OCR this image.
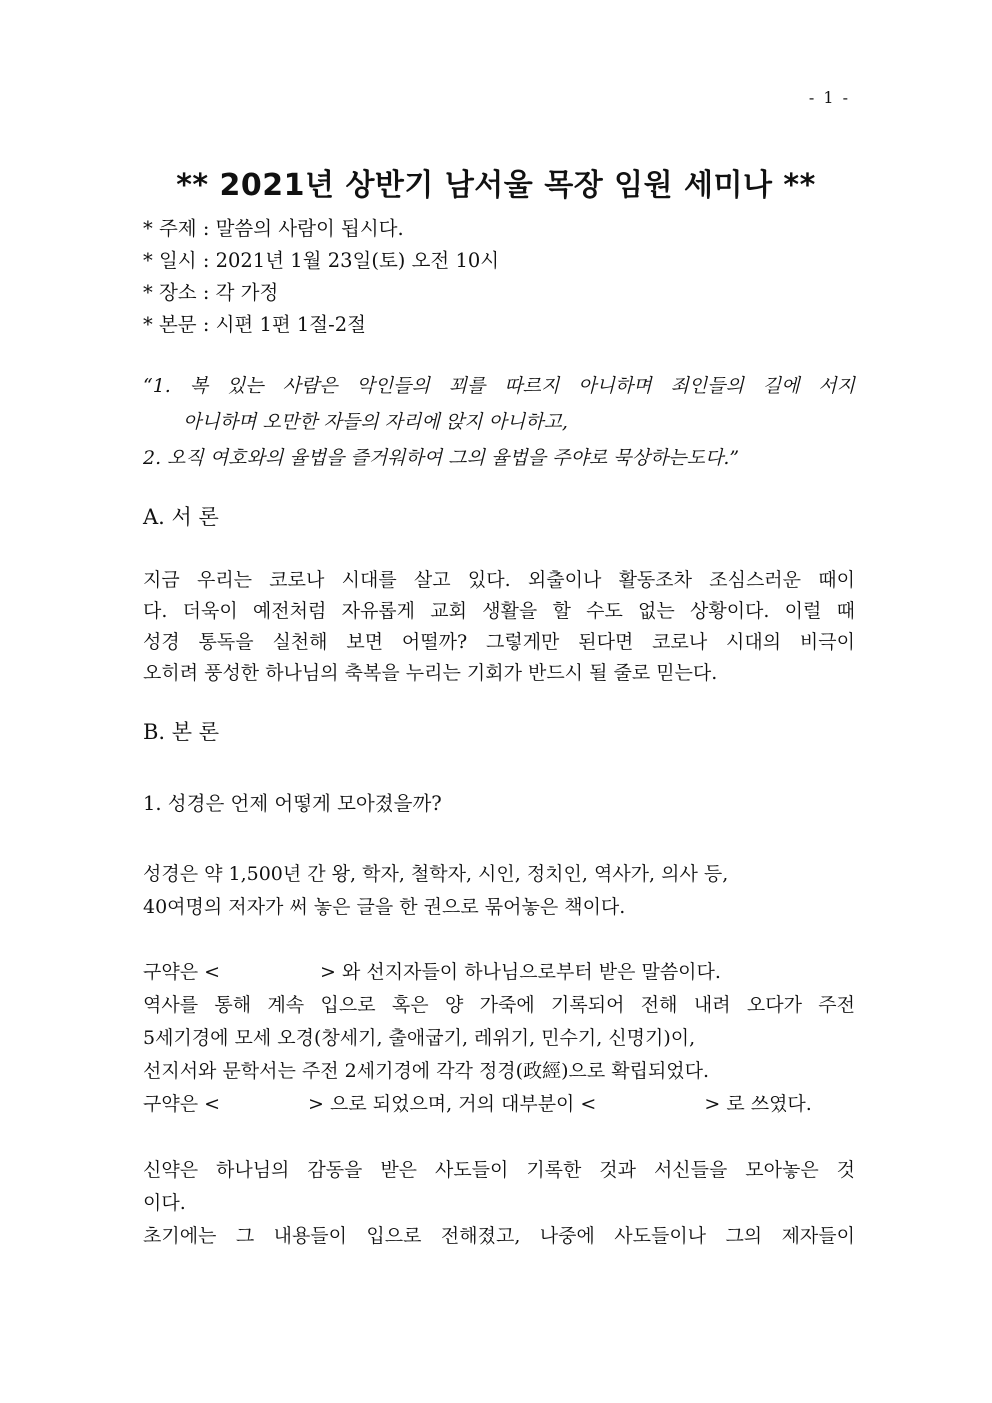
- 1 -
** 2021년 상반기 남서울 목장 임원 세미나 **
* 주제 : 말씀의 사람이 됩시다.
* 일시 : 2021년 1월 23일(토) 오전 10시
* 장소 : 각 가정
* 본문 : 시편 1편 1절-2절
“1. 복 있는 사람은 악인들의 꾀를 따르지 아니하며 죄인들의 길에 서지
아니하며 오만한 자들의 자리에 앉지 아니하고,
2. 오직 여호와의 율법을 즐거워하여 그의 율법을 주야로 묵상하는도다.”
A. 서 론
지금 우리는 코로나 시대를 살고 있다. 외출이나 활동조차 조심스러운 때이
다. 더욱이 예전처럼 자유롭게 교회 생활을 할 수도 없는 상황이다. 이럴 때
성경 통독을 실천해 보면 어떨까? 그렇게만 된다면 코로나 시대의 비극이
오히려 풍성한 하나님의 축복을 누리는 기회가 반드시 될 줄로 믿는다.
B. 본 론
1. 성경은 언제 어떻게 모아졌을까?
성경은 약 1,500년 간 왕, 학자, 철학자, 시인, 정치인, 역사가, 의사 등,
40여명의 저자가 써 놓은 글을 한 권으로 묶어놓은 책이다.
구약은 <	> 와 선지자들이 하나님으로부터 받은 말씀이다.
역사를 통해 계속 입으로 혹은 양 가죽에 기록되어 전해 내려 오다가 주전
5세기경에 모세 오경(창세기, 출애굽기, 레위기, 민수기, 신명기)이,
선지서와 문학서는 주전 2세기경에 각각 정경(政經)으로 확립되었다.
구약은 <	> 으로 되었으며, 거의 대부분이 <	> 로 쓰였다.
신약은 하나님의 감동을 받은 사도들이 기록한 것과 서신들을 모아놓은 것
이다.
초기에는 그 내용들이 입으로 전해졌고, 나중에 사도들이나 그의 제자들이
